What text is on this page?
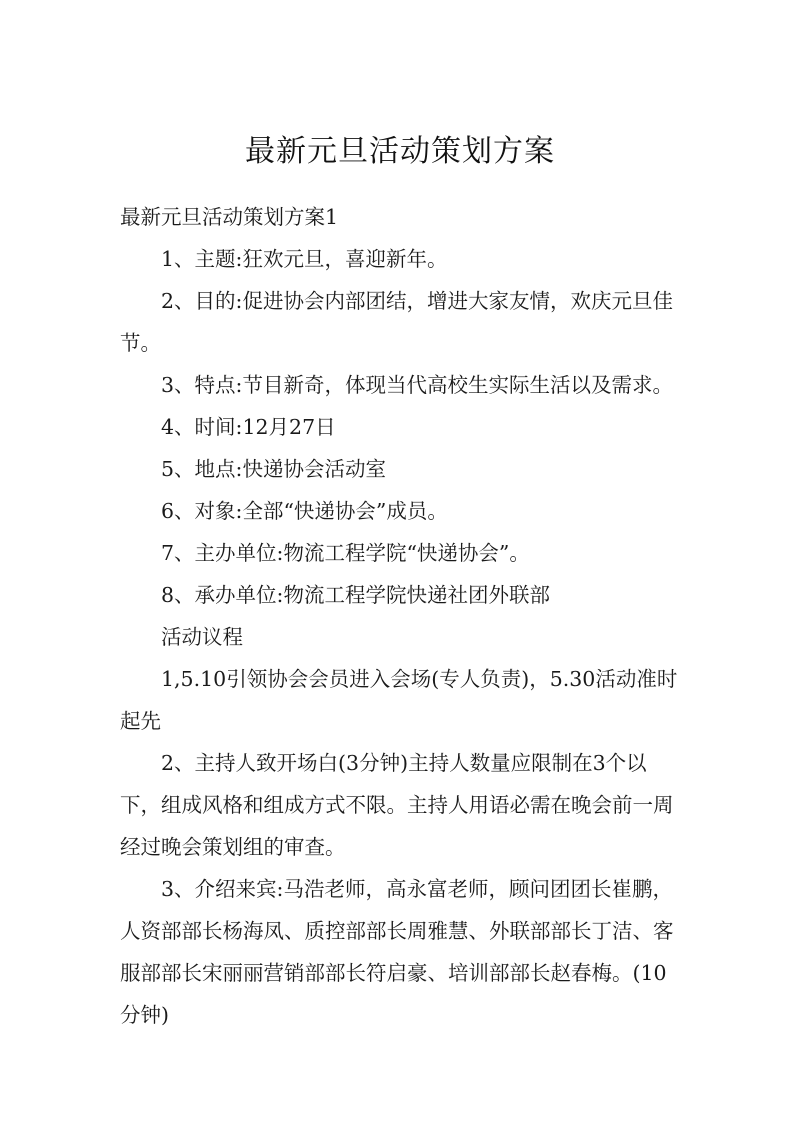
最新元旦活动策划方案

最新元旦活动策划方案1

1、主题:狂欢元旦，喜迎新年。

2、目的:促进协会内部团结，增进大家友情，欢庆元旦佳节。

3、特点:节目新奇，体现当代高校生实际生活以及需求。

4、时间:12月27日

5、地点:快递协会活动室

6、对象:全部“快递协会”成员。

7、主办单位:物流工程学院“快递协会”。

8、承办单位:物流工程学院快递社团外联部

活动议程

1,5.10引领协会会员进入会场(专人负责)，5.30活动准时起先

2、主持人致开场白(3分钟)主持人数量应限制在3个以下，组成风格和组成方式不限。主持人用语必需在晚会前一周经过晚会策划组的审查。

3、介绍来宾:马浩老师，高永富老师，顾问团团长崔鹏，人资部部长杨海凤、质控部部长周雅慧、外联部部长丁洁、客服部部长宋丽丽营销部部长符启豪、培训部部长赵春梅。(10分钟)
